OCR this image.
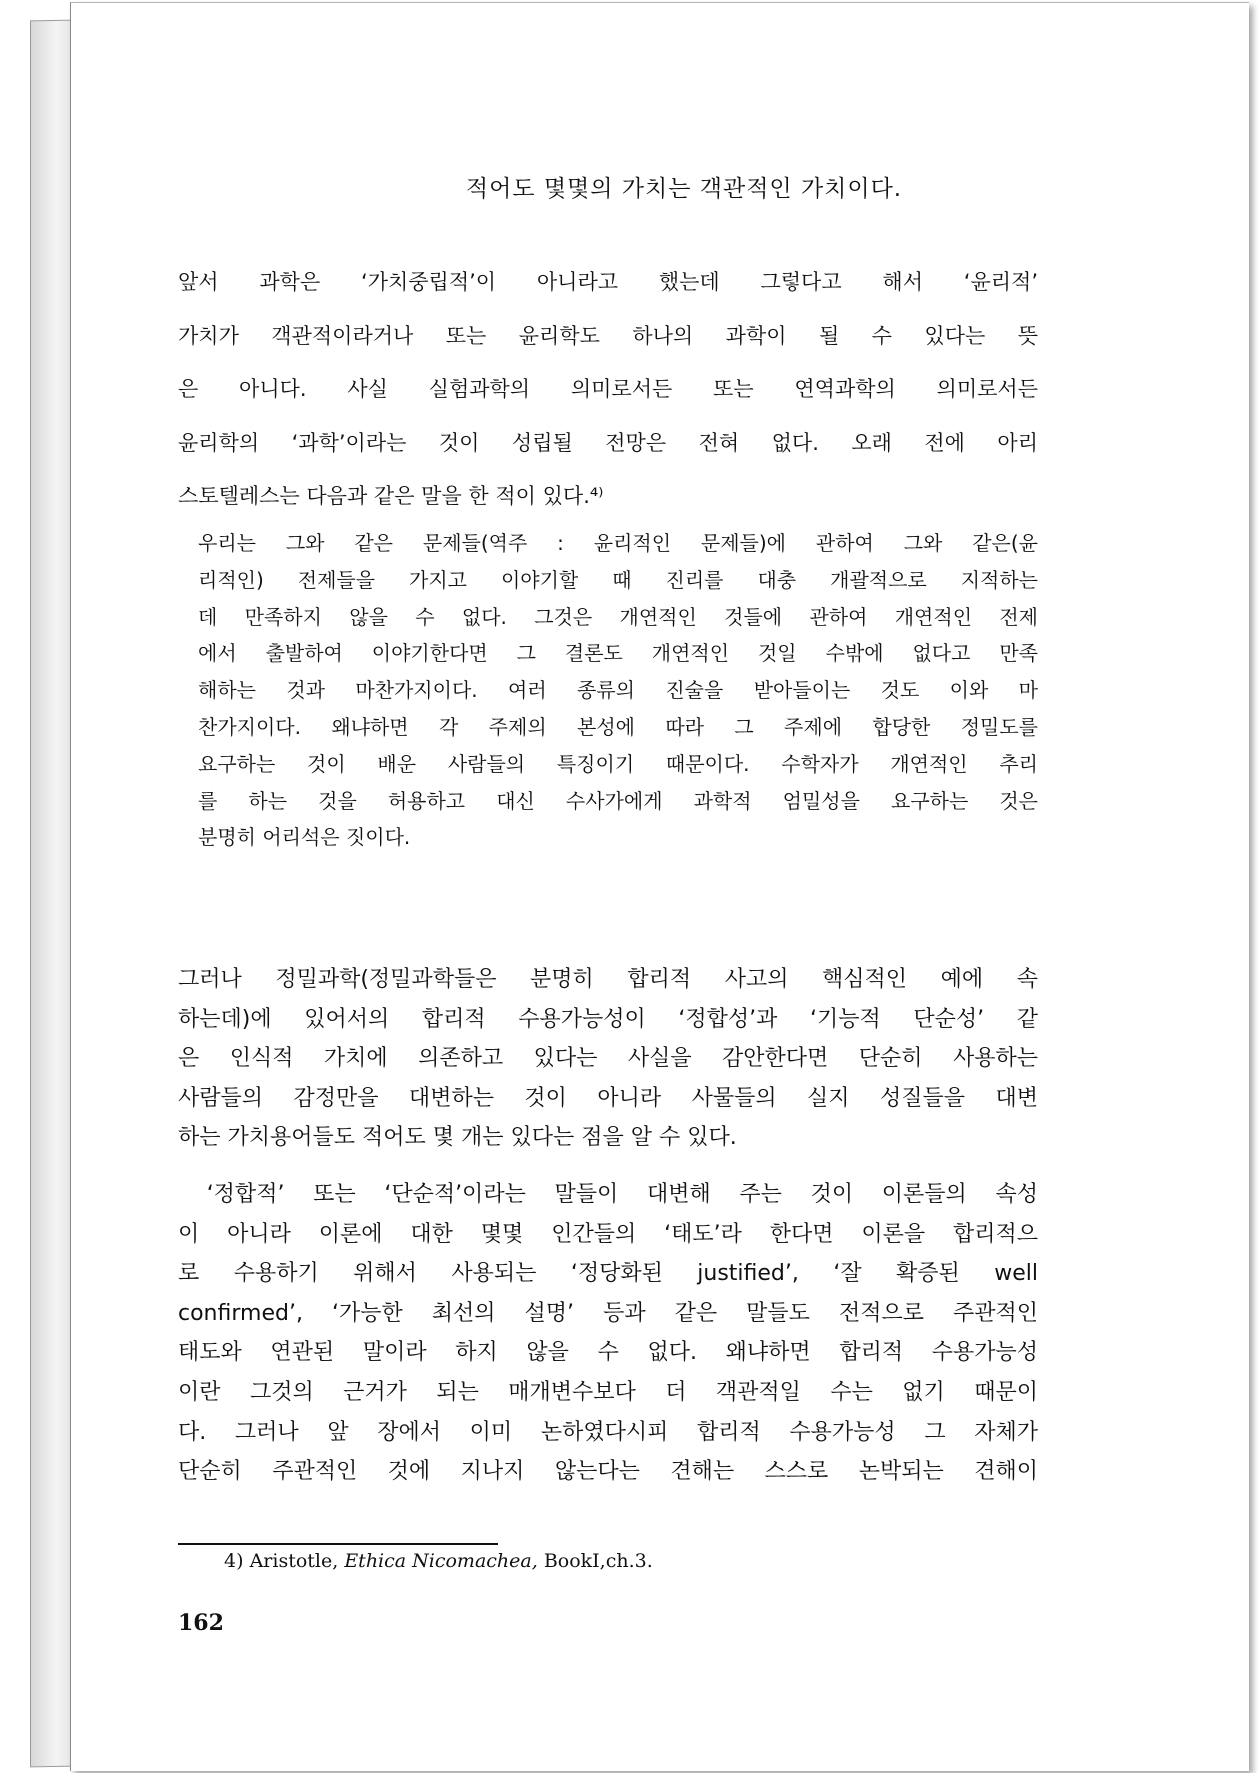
적어도 몇몇의 가치는 객관적인 가치이다.
앞서 과학은 ‘가치중립적’이 아니라고 했는데 그렇다고 해서 ‘윤리적’
가치가 객관적이라거나 또는 윤리학도 하나의 과학이 될 수 있다는 뜻
은 아니다. 사실 실험과학의 의미로서든 또는 연역과학의 의미로서든
윤리학의 ‘과학’이라는 것이 성립될 전망은 전혀 없다. 오래 전에 아리
스토텔레스는 다음과 같은 말을 한 적이 있다.⁴⁾
우리는 그와 같은 문제들(역주 : 윤리적인 문제들)에 관하여 그와 같은(윤
리적인) 전제들을 가지고 이야기할 때 진리를 대충 개괄적으로 지적하는
데 만족하지 않을 수 없다. 그것은 개연적인 것들에 관하여 개연적인 전제
에서 출발하여 이야기한다면 그 결론도 개연적인 것일 수밖에 없다고 만족
해하는 것과 마찬가지이다. 여러 종류의 진술을 받아들이는 것도 이와 마
찬가지이다. 왜냐하면 각 주제의 본성에 따라 그 주제에 합당한 정밀도를
요구하는 것이 배운 사람들의 특징이기 때문이다. 수학자가 개연적인 추리
를 하는 것을 허용하고 대신 수사가에게 과학적 엄밀성을 요구하는 것은
분명히 어리석은 짓이다.
그러나 정밀과학(정밀과학들은 분명히 합리적 사고의 핵심적인 예에 속
하는데)에 있어서의 합리적 수용가능성이 ‘정합성’과 ‘기능적 단순성’ 같
은 인식적 가치에 의존하고 있다는 사실을 감안한다면 단순히 사용하는
사람들의 감정만을 대변하는 것이 아니라 사물들의 실지 성질들을 대변
하는 가치용어들도 적어도 몇 개는 있다는 점을 알 수 있다.
‘정합적’ 또는 ‘단순적’이라는 말들이 대변해 주는 것이 이론들의 속성
이 아니라 이론에 대한 몇몇 인간들의 ‘태도’라 한다면 이론을 합리적으
로 수용하기 위해서 사용되는 ‘정당화된 justified’, ‘잘 확증된 well
confirmed’, ‘가능한 최선의 설명’ 등과 같은 말들도 전적으로 주관적인
태도와 연관된 말이라 하지 않을 수 없다. 왜냐하면 합리적 수용가능성
이란 그것의 근거가 되는 매개변수보다 더 객관적일 수는 없기 때문이
다. 그러나 앞 장에서 이미 논하였다시피 합리적 수용가능성 그 자체가
단순히 주관적인 것에 지나지 않는다는 견해는 스스로 논박되는 견해이
4) Aristotle, Ethica Nicomachea, BookI,ch.3.
162
